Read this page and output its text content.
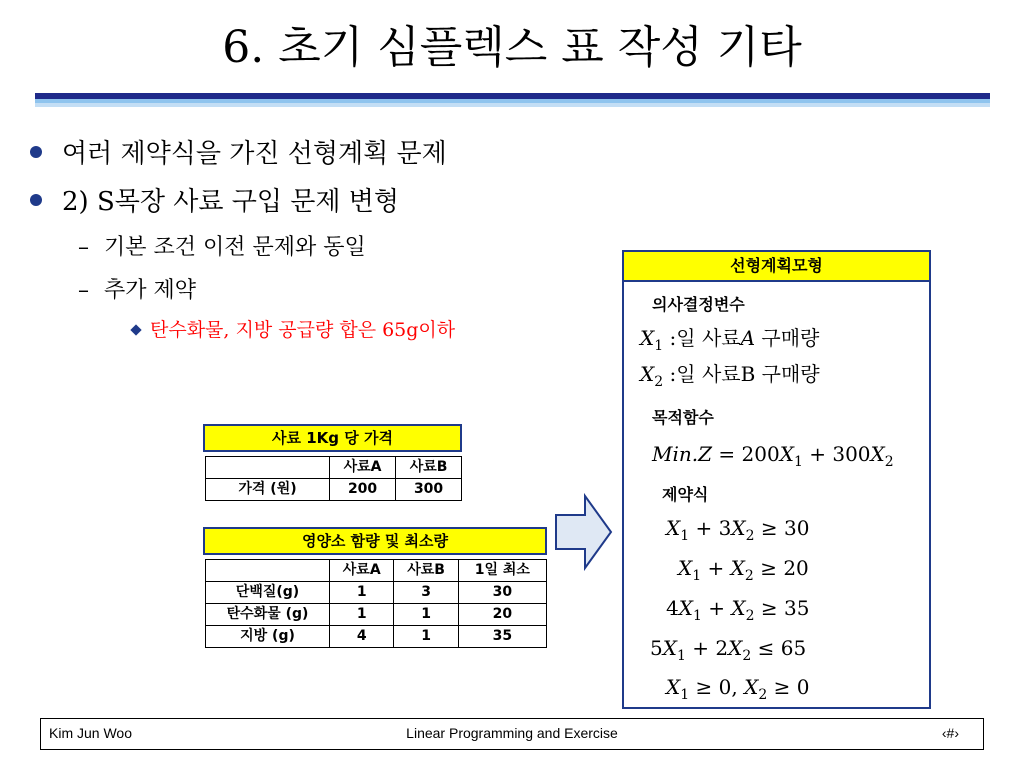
6. 초기 심플렉스 표 작성 기타
여러 제약식을 가진 선형계획 문제
2) S목장 사료 구입 문제 변형
– 기본 조건 이전 문제와 동일
– 추가 제약
탄수화물, 지방 공급량 합은 65g이하
사료 1Kg 당 가격
	사료A	사료B
가격 (원)	200	300
영양소 함량 및 최소량
	사료A	사료B	1일 최소
단백질(g)	1	3	30
탄수화물 (g)	1	1	20
지방 (g)	4	1	35
선형계획모형
의사결정변수
$X_1$ :일 사료A 구매량
$X_2$ :일 사료B 구매량
목적함수
$Min.Z = 200X_1 + 300X_2$
제약식
$X_1 + 3X_2 \ge 30$
$X_1 + X_2 \ge 20$
$4X_1 + X_2 \ge 35$
$5X_1 + 2X_2 \le 65$
$X_1 \ge 0$, $X_2 \ge 0$
Kim Jun Woo	Linear Programming and Exercise	‹#›
